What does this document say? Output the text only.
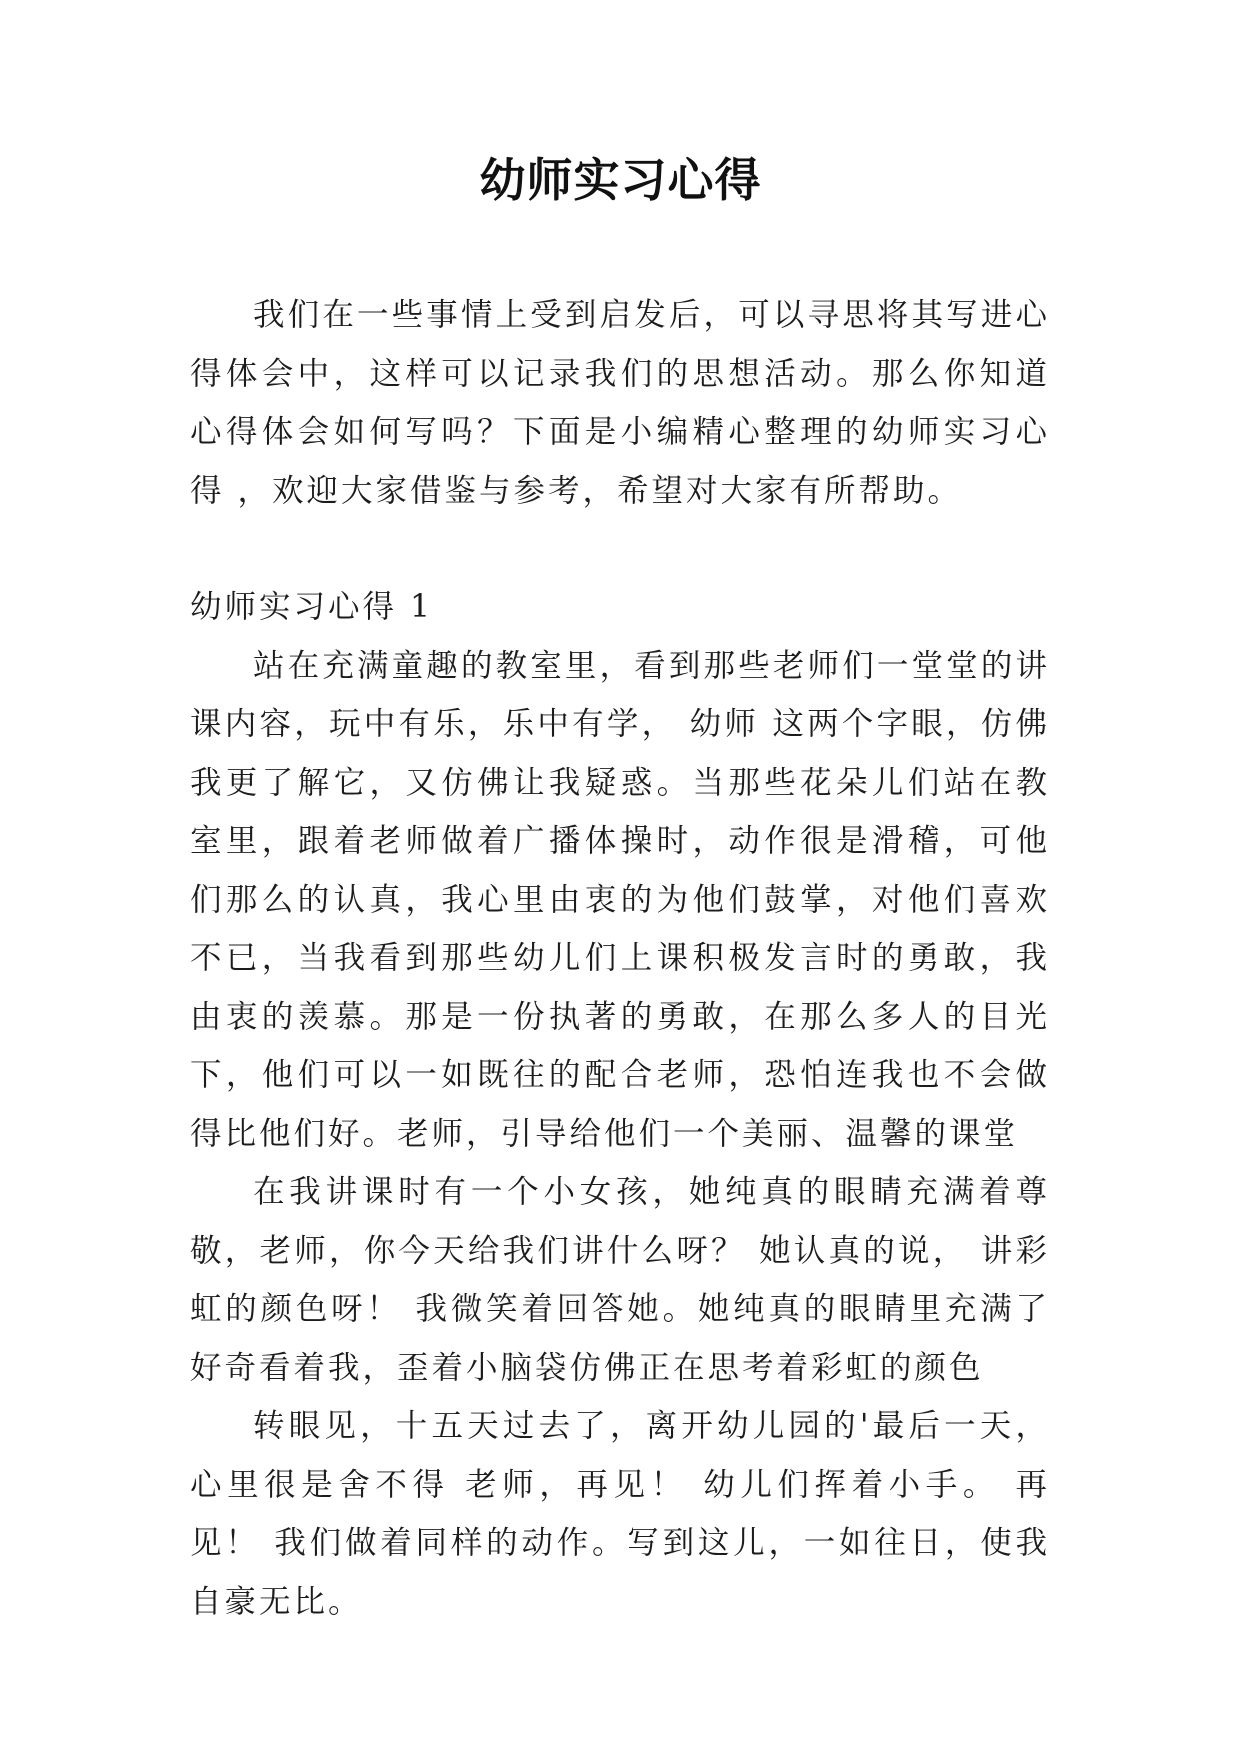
幼师实习心得

我们在一些事情上受到启发后，可以寻思将其写进心得体会中，这样可以记录我们的思想活动。那么你知道心得体会如何写吗？下面是小编精心整理的幼师实习心得 ，欢迎大家借鉴与参考，希望对大家有所帮助。

幼师实习心得 1

站在充满童趣的教室里，看到那些老师们一堂堂的讲课内容，玩中有乐，乐中有学， 幼师 这两个字眼，仿佛我更了解它，又仿佛让我疑惑。当那些花朵儿们站在教室里，跟着老师做着广播体操时，动作很是滑稽，可他们那么的认真，我心里由衷的为他们鼓掌，对他们喜欢不已，当我看到那些幼儿们上课积极发言时的勇敢，我由衷的羡慕。那是一份执著的勇敢，在那么多人的目光下，他们可以一如既往的配合老师，恐怕连我也不会做得比他们好。老师，引导给他们一个美丽、温馨的课堂

在我讲课时有一个小女孩，她纯真的眼睛充满着尊敬，老师，你今天给我们讲什么呀？ 她认真的说， 讲彩虹的颜色呀！ 我微笑着回答她。她纯真的眼睛里充满了好奇看着我，歪着小脑袋仿佛正在思考着彩虹的颜色

转眼见，十五天过去了，离开幼儿园的'最后一天，心里很是舍不得 老师，再见！ 幼儿们挥着小手。 再见！ 我们做着同样的动作。写到这儿，一如往日，使我自豪无比。
